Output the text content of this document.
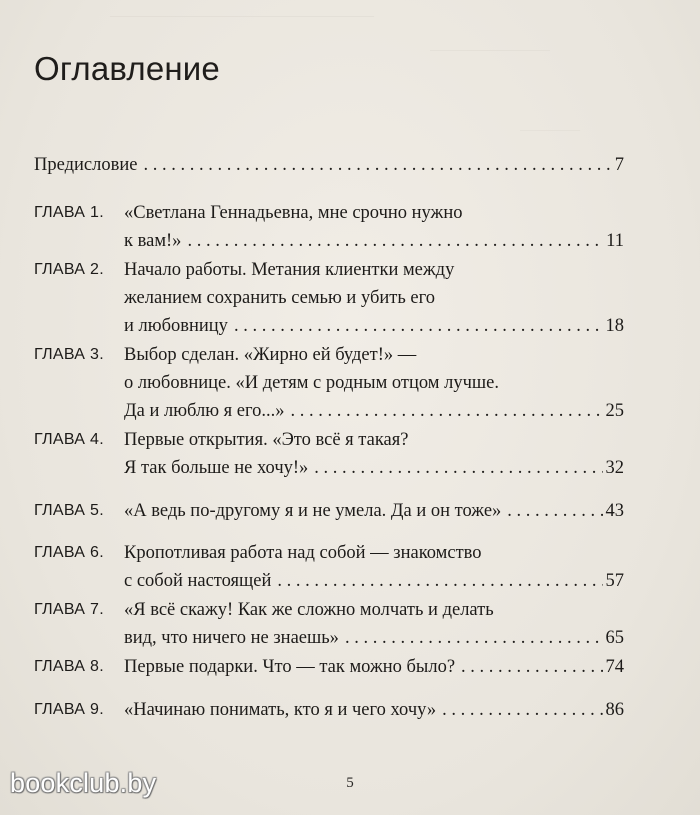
——————————————————————
——————————
—————
Оглавление
Предисловие . . .	7
ГЛАВА 1.	«Светлана Геннадьевна, мне срочно нужно
к вам!» . . .	11
ГЛАВА 2.	Начало работы. Метания клиентки между
желанием сохранить семью и убить его
и любовницу . . .	18
ГЛАВА 3.	Выбор сделан. «Жирно ей будет!» —
о любовнице. «И детям с родным отцом лучше.
Да и люблю я его...» . . .	25
ГЛАВА 4.	Первые открытия. «Это всё я такая?
Я так больше не хочу!» . . .	32
ГЛАВА 5.	«А ведь по-другому я и не умела. Да и он тоже» . . .	43
ГЛАВА 6.	Кропотливая работа над собой — знакомство
с собой настоящей . . .	57
ГЛАВА 7.	«Я всё скажу! Как же сложно молчать и делать
вид, что ничего не знаешь» . . .	65
ГЛАВА 8.	Первые подарки. Что — так можно было? . . .	74
ГЛАВА 9.	«Начинаю понимать, кто я и чего хочу» . . .	86
5
bookclub.by
